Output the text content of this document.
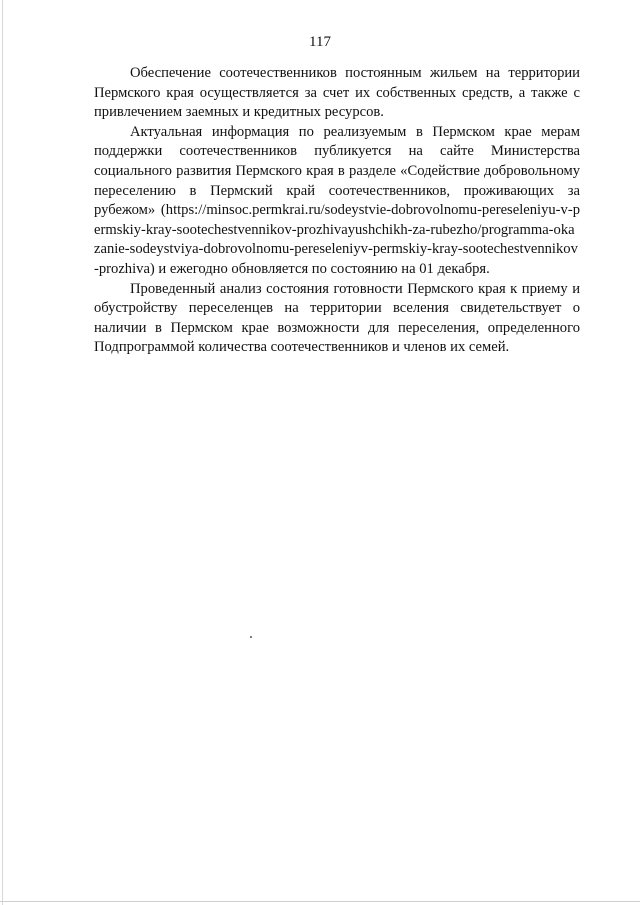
117

Обеспечение соотечественников постоянным жильем на территории Пермского края осуществляется за счет их собственных средств, а также с привлечением заемных и кредитных ресурсов.

Актуальная информация по реализуемым в Пермском крае мерам поддержки соотечественников публикуется на сайте Министерства социального развития Пермского края в разделе «Содействие добровольному переселению в Пермский край соотечественников, проживающих за рубежом» (https://minsoc.permkrai.ru/sodeystvie-dobrovolnomu-pereseleniyu-v-permskiy-kray-sootechestvennikov-prozhivayushchikh-za-rubezho/programma-okazanie-sodeystviya-dobrovolnomu-pereseleniyv-permskiy-kray-sootechestvennikov-prozhiva) и ежегодно обновляется по состоянию на 01 декабря.

Проведенный анализ состояния готовности Пермского края к приему и обустройству переселенцев на территории вселения свидетельствует о наличии в Пермском крае возможности для переселения, определенного Подпрограммой количества соотечественников и членов их семей.
